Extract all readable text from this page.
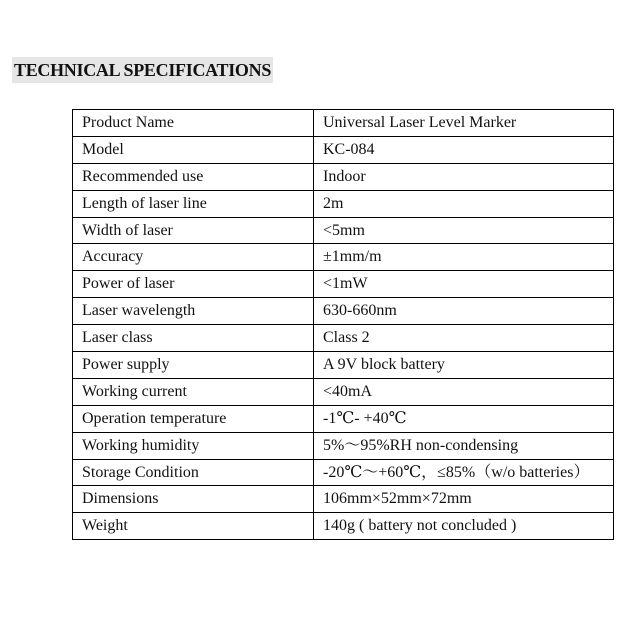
TECHNICAL SPECIFICATIONS
Product Name	Universal Laser Level Marker
Model	KC-084
Recommended use	Indoor
Length of laser line	2m
Width of laser	<5mm
Accuracy	±1mm/m
Power of laser	<1mW
Laser wavelength	630-660nm
Laser class	Class 2
Power supply	A 9V block battery
Working current	<40mA
Operation temperature	-1℃- +40℃
Working humidity	5%～95%RH non-condensing
Storage Condition	-20℃～+60℃，≤85%（w/o batteries）
Dimensions	106mm×52mm×72mm
Weight	140g ( battery not concluded )
